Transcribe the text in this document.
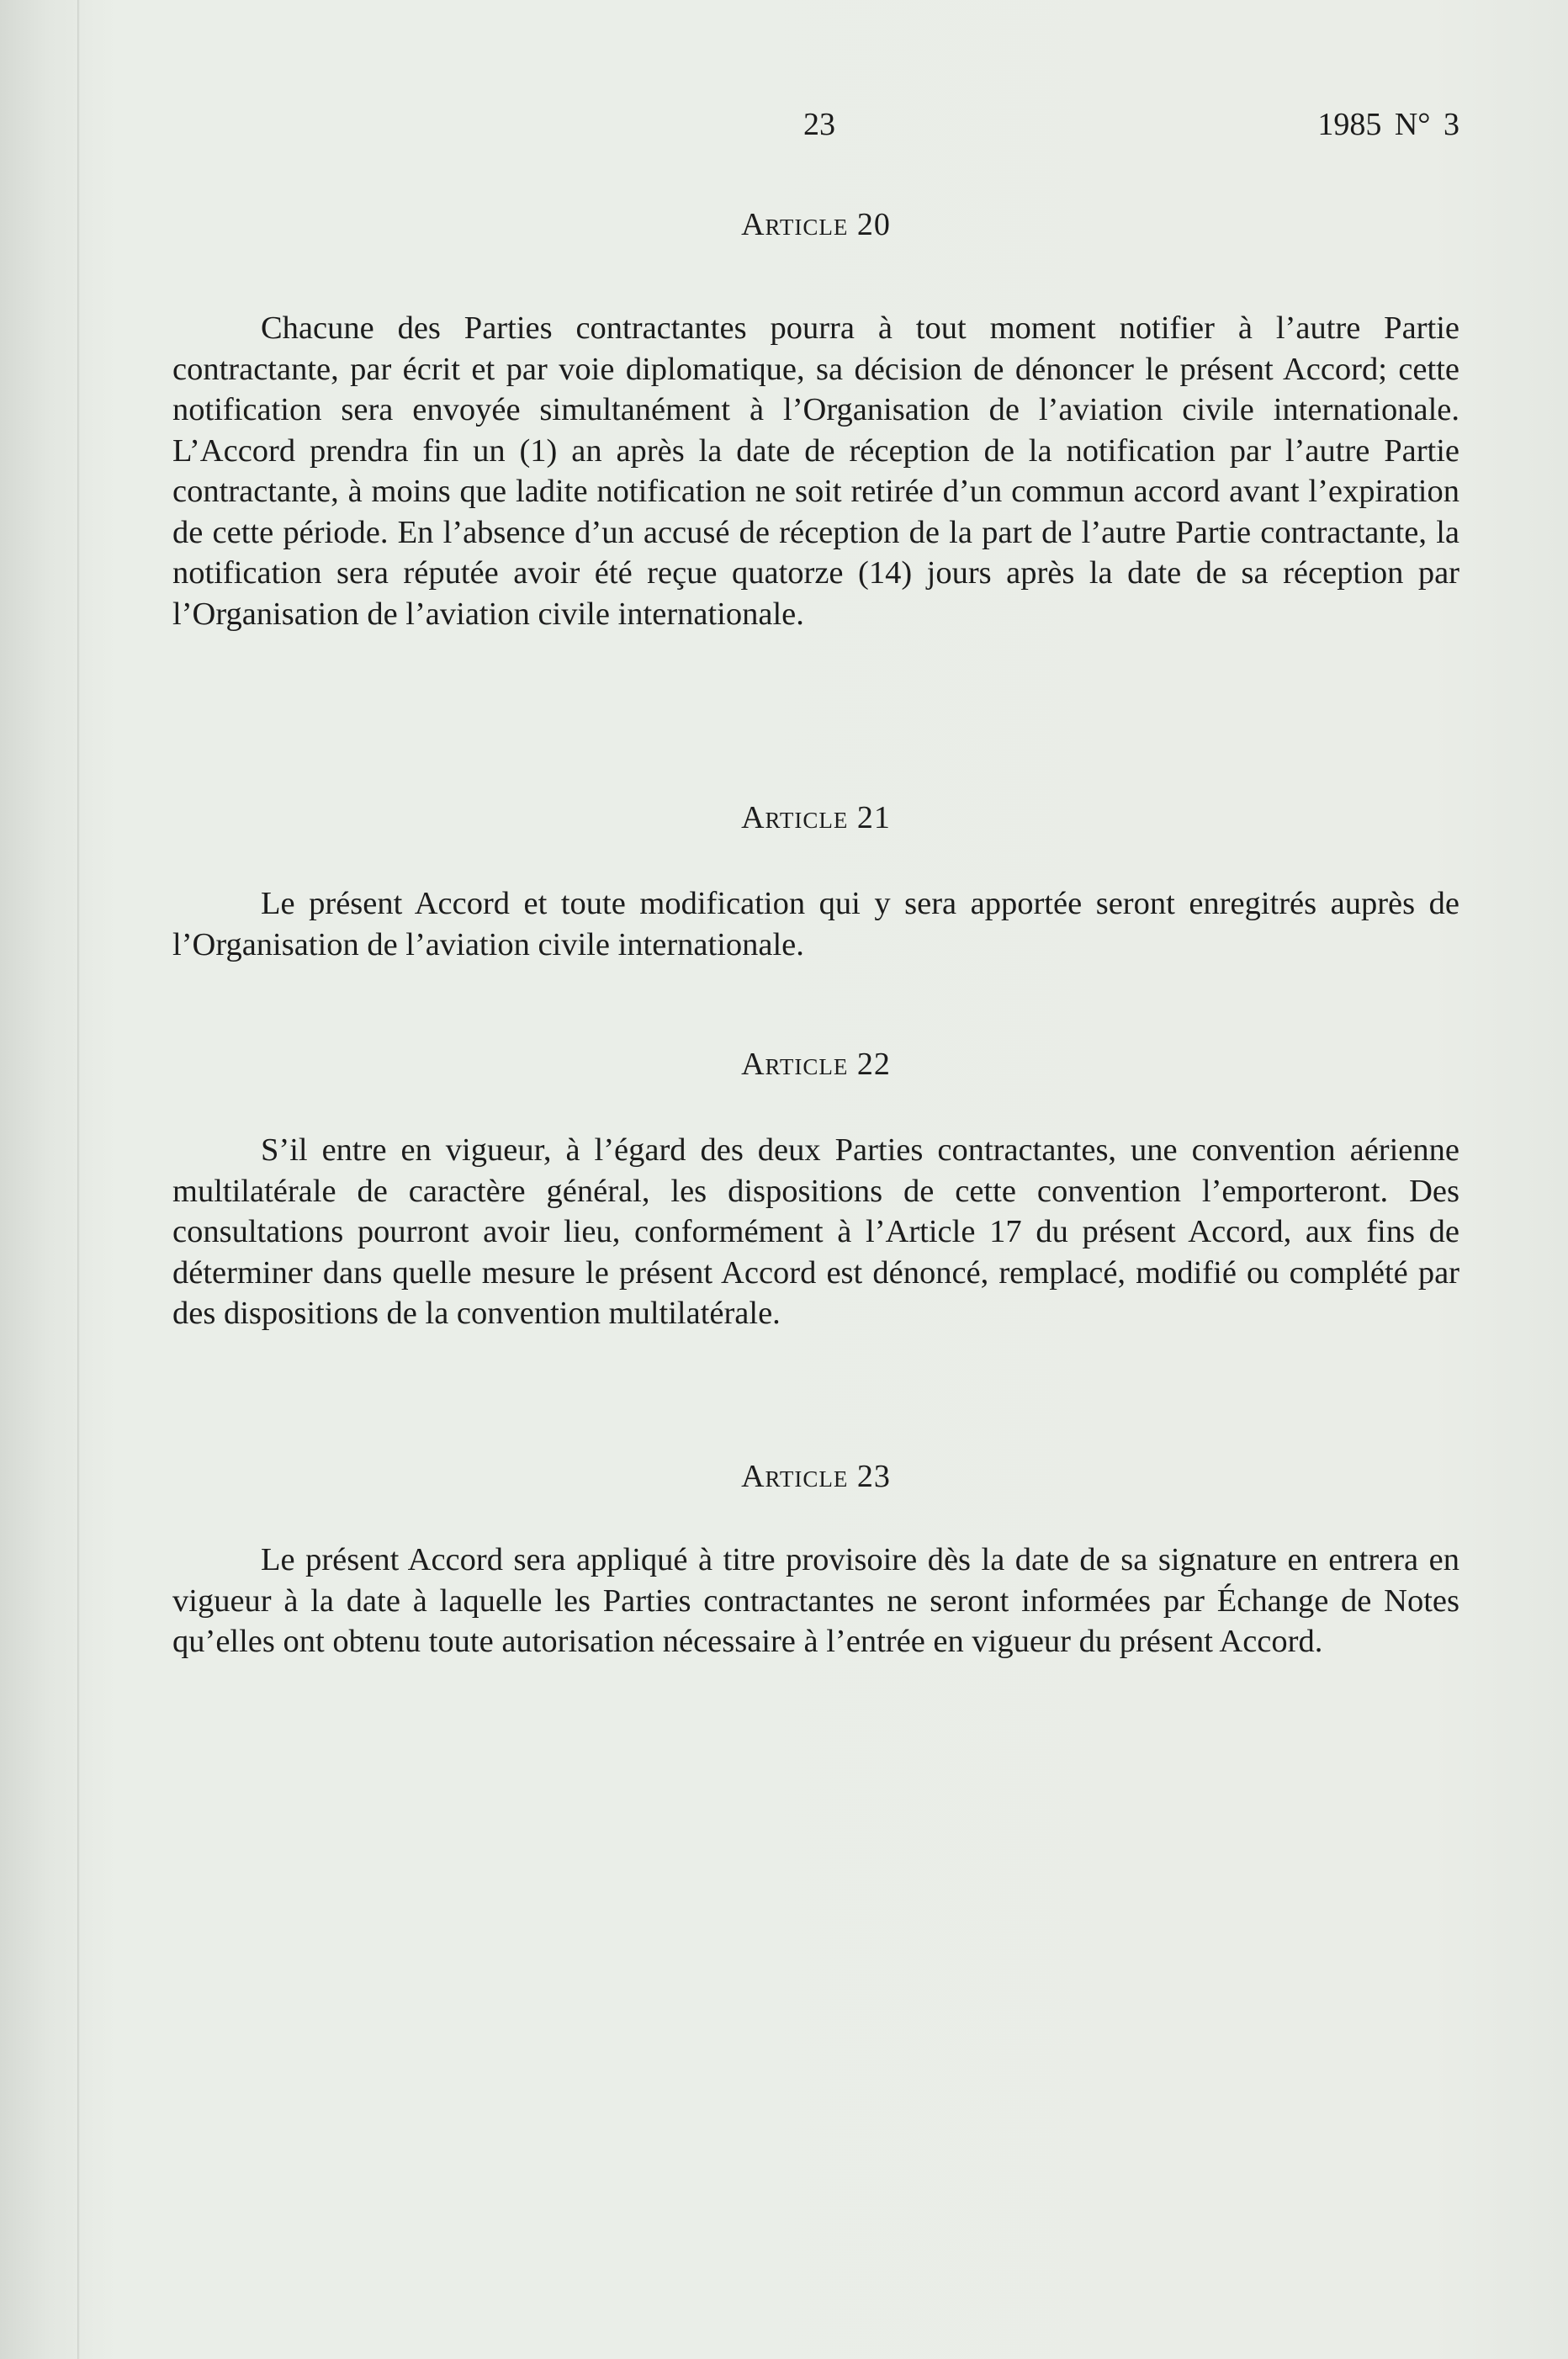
23	1985 N° 3
Article 20

Chacune des Parties contractantes pourra à tout moment notifier à l’autre Partie contractante, par écrit et par voie diplomatique, sa décision de dénoncer le présent Accord; cette notification sera envoyée simultanément à l’Organisation de l’aviation civile internationale. L’Accord prendra fin un (1) an après la date de réception de la notification par l’autre Partie contractante, à moins que ladite notification ne soit retirée d’un commun accord avant l’expiration de cette période. En l’absence d’un accusé de réception de la part de l’autre Partie contractante, la notification sera réputée avoir été reçue quatorze (14) jours après la date de sa réception par l’Organisation de l’aviation civile internationale.

Article 21

Le présent Accord et toute modification qui y sera apportée seront enregitrés auprès de l’Organisation de l’aviation civile internationale.

Article 22

S’il entre en vigueur, à l’égard des deux Parties contractantes, une convention aérienne multilatérale de caractère général, les dispositions de cette convention l’emporteront. Des consultations pourront avoir lieu, conformément à l’Article 17 du présent Accord, aux fins de déterminer dans quelle mesure le présent Accord est dénoncé, remplacé, modifié ou complété par des dispositions de la convention multilatérale.

Article 23

Le présent Accord sera appliqué à titre provisoire dès la date de sa signature en entrera en vigueur à la date à laquelle les Parties contractantes ne seront informées par Échange de Notes qu’elles ont obtenu toute autorisation nécessaire à l’entrée en vigueur du présent Accord.
